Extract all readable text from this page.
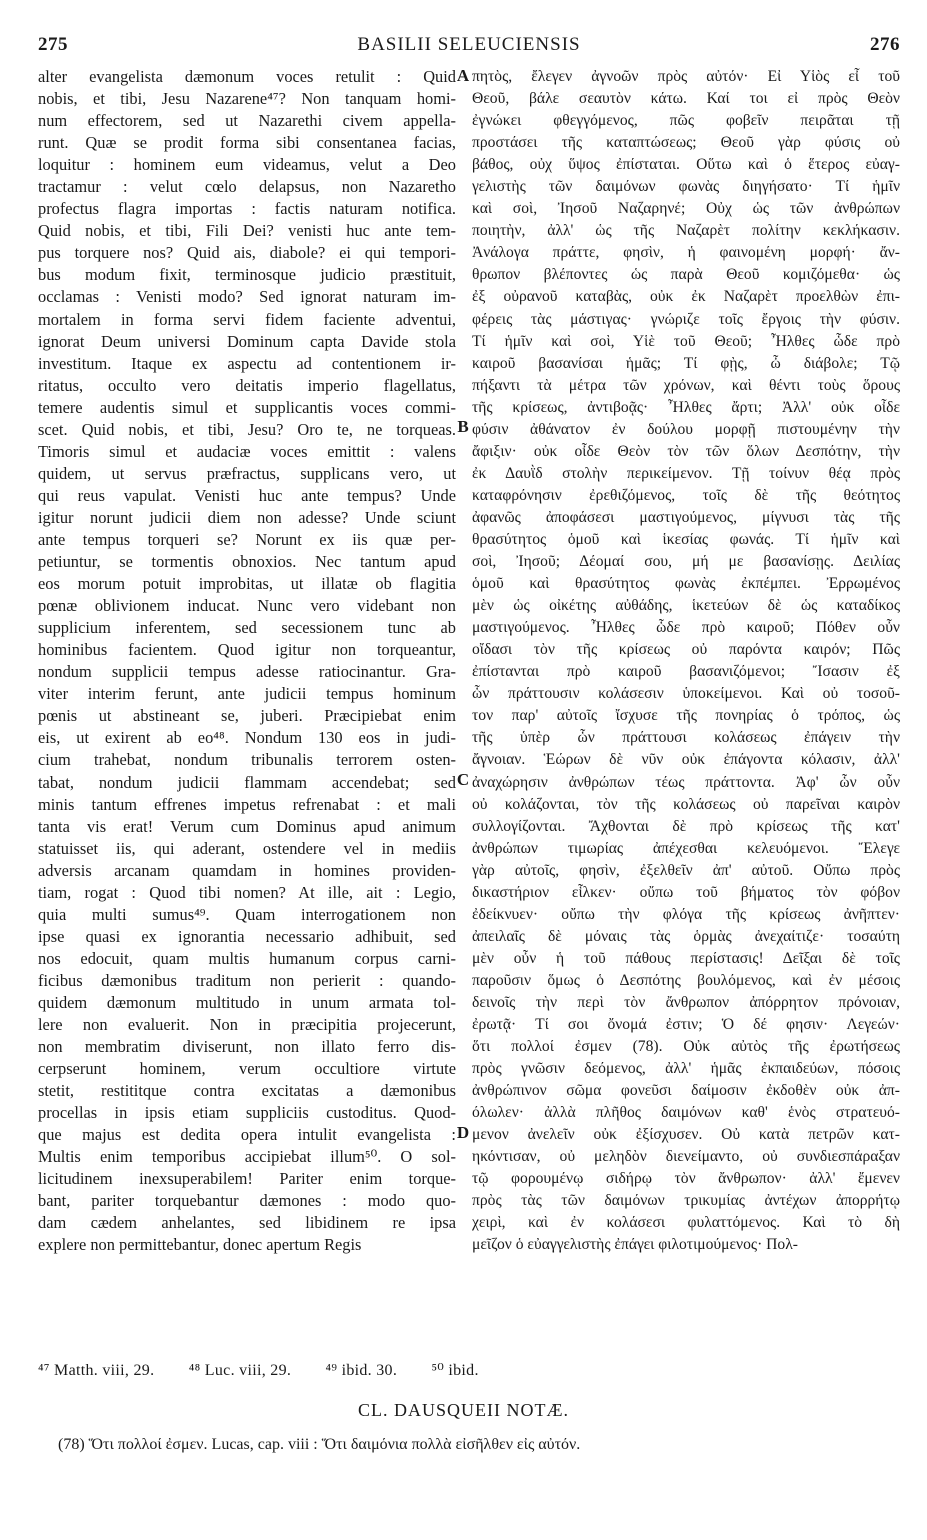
275	BASILII SELEUCIENSIS	276

alter evangelista dæmonum voces retulit : Quid

nobis, et tibi, Jesu Nazarene⁴⁷? Non tanquam homi-

num effectorem, sed ut Nazarethi civem appella-

runt. Quæ se prodit forma sibi consentanea facias,

loquitur : hominem eum videamus, velut a Deo

tractamur : velut cœlo delapsus, non Nazaretho

profectus flagra importas : factis naturam notifica.

Quid nobis, et tibi, Fili Dei? venisti huc ante tem-

pus torquere nos? Quid ais, diabole? ei qui tempori-

bus modum fixit, terminosque judicio præstituit,

occlamas : Venisti modo? Sed ignorat naturam im-

mortalem in forma servi fidem faciente adventui,

ignorat Deum universi Dominum capta Davide stola

investitum. Itaque ex aspectu ad contentionem ir-

ritatus, occulto vero deitatis imperio flagellatus,

temere audentis simul et supplicantis voces commi-

scet. Quid nobis, et tibi, Jesu? Oro te, ne torqueas.

Timoris simul et audaciæ voces emittit : valens

quidem, ut servus præfractus, supplicans vero, ut

qui reus vapulat. Venisti huc ante tempus? Unde

igitur norunt judicii diem non adesse? Unde sciunt

ante tempus torqueri se? Norunt ex iis quæ per-

petiuntur, se tormentis obnoxios. Nec tantum apud

eos morum potuit improbitas, ut illatæ ob flagitia

pœnæ oblivionem inducat. Nunc vero videbant non

supplicium inferentem, sed secessionem tunc ab

hominibus facientem. Quod igitur non torqueantur,

nondum supplicii tempus adesse ratiocinantur. Gra-

viter interim ferunt, ante judicii tempus hominum

pœnis ut abstineant se, juberi. Præcipiebat enim

eis, ut exirent ab eo⁴⁸. Nondum 130 eos in judi-

cium trahebat, nondum tribunalis terrorem osten-

tabat, nondum judicii flammam accendebat; sed

minis tantum effrenes impetus refrenabat : et mali

tanta vis erat! Verum cum Dominus apud animum

statuisset iis, qui aderant, ostendere vel in mediis

adversis arcanam quamdam in homines providen-

tiam, rogat : Quod tibi nomen? At ille, ait : Legio,

quia multi sumus⁴⁹. Quam interrogationem non

ipse quasi ex ignorantia necessario adhibuit, sed

nos edocuit, quam multis humanum corpus carni-

ficibus dæmonibus traditum non perierit : quando-

quidem dæmonum multitudo in unum armata tol-

lere non evaluerit. Non in præcipitia projecerunt,

non membratim diviserunt, non illato ferro dis-

cerpserunt hominem, verum occultiore virtute

stetit, restititque contra excitatas a dæmonibus

procellas in ipsis etiam suppliciis custoditus. Quod-

que majus est dedita opera intulit evangelista :

Multis enim temporibus accipiebat illum⁵⁰. O sol-

licitudinem inexsuperabilem! Pariter enim torque-

bant, pariter torquebantur dæmones : modo quo-

dam cædem anhelantes, sed libidinem re ipsa

explere non permittebantur, donec apertum Regis

A
B
C
D

πητὸς, ἔλεγεν ἀγνοῶν πρὸς αὐτόν· Εἰ Υἱὸς εἶ τοῦ

Θεοῦ, βάλε σεαυτὸν κάτω. Καί τοι εἰ πρὸς Θεὸν

ἐγνώκει φθεγγόμενος, πῶς φοβεῖν πειρᾶται τῇ

προστάσει τῆς καταπτώσεως; Θεοῦ γὰρ φύσις οὐ

βάθος, οὐχ ὕψος ἐπίσταται. Οὕτω καὶ ὁ ἕτερος εὐαγ-

γελιστὴς τῶν δαιμόνων φωνὰς διηγήσατο· Τί ἡμῖν

καὶ σοὶ, Ἰησοῦ Ναζαρηνέ; Οὐχ ὡς τῶν ἀνθρώπων

ποιητὴν, ἀλλ' ὡς τῆς Ναζαρὲτ πολίτην κεκλήκασιν.

Ἀνάλογα πράττε, φησὶν, ἡ φαινομένη μορφή· ἄν-

θρωπον βλέποντες ὡς παρὰ Θεοῦ κομιζόμεθα· ὡς

ἐξ οὐρανοῦ καταβὰς, οὐκ ἐκ Ναζαρὲτ προελθὼν ἐπι-

φέρεις τὰς μάστιγας· γνώριζε τοῖς ἔργοις τὴν φύσιν.

Τί ἡμῖν καὶ σοὶ, Υἱὲ τοῦ Θεοῦ; Ἦλθες ὧδε πρὸ

καιροῦ βασανίσαι ἡμᾶς; Τί φῂς, ὦ διάβολε; Τῷ

πήξαντι τὰ μέτρα τῶν χρόνων, καὶ θέντι τοὺς ὅρους

τῆς κρίσεως, ἀντιβοᾷς· Ἦλθες ἄρτι; Ἀλλ' οὐκ οἶδε

φύσιν ἀθάνατον ἐν δούλου μορφῇ πιστουμένην τὴν

ἄφιξιν· οὐκ οἶδε Θεὸν τὸν τῶν ὅλων Δεσπότην, τὴν

ἐκ Δαυῒδ στολὴν περικείμενον. Τῇ τοίνυν θέᾳ πρὸς

καταφρόνησιν ἐρεθιζόμενος, τοῖς δὲ τῆς θεότητος

ἀφανῶς ἀποφάσεσι μαστιγούμενος, μίγνυσι τὰς τῆς

θρασύτητος ὁμοῦ καὶ ἱκεσίας φωνάς. Τί ἡμῖν καὶ

σοὶ, Ἰησοῦ; Δέομαί σου, μή με βασανίσῃς. Δειλίας

ὁμοῦ καὶ θρασύτητος φωνὰς ἐκπέμπει. Ἐρρωμένος

μὲν ὡς οἰκέτης αὐθάδης, ἱκετεύων δὲ ὡς καταδίκος

μαστιγούμενος. Ἦλθες ὧδε πρὸ καιροῦ; Πόθεν οὖν

οἴδασι τὸν τῆς κρίσεως οὐ παρόντα καιρόν; Πῶς

ἐπίστανται πρὸ καιροῦ βασανιζόμενοι; Ἴσασιν ἐξ

ὧν πράττουσιν κολάσεσιν ὑποκείμενοι. Καὶ οὐ τοσοῦ-

τον παρ' αὐτοῖς ἴσχυσε τῆς πονηρίας ὁ τρόπος, ὡς

τῆς ὑπὲρ ὧν πράττουσι κολάσεως ἐπάγειν τὴν

ἄγνοιαν. Ἑώρων δὲ νῦν οὐκ ἐπάγοντα κόλασιν, ἀλλ'

ἀναχώρησιν ἀνθρώπων τέως πράττοντα. Ἀφ' ὧν οὖν

οὐ κολάζονται, τὸν τῆς κολάσεως οὐ παρεῖναι καιρὸν

συλλογίζονται. Ἄχθονται δὲ πρὸ κρίσεως τῆς κατ'

ἀνθρώπων τιμωρίας ἀπέχεσθαι κελευόμενοι. Ἔλεγε

γὰρ αὐτοῖς, φησὶν, ἐξελθεῖν ἀπ' αὐτοῦ. Οὔπω πρὸς

δικαστήριον εἷλκεν· οὔπω τοῦ βήματος τὸν φόβον

ἐδείκνυεν· οὔπω τὴν φλόγα τῆς κρίσεως ἀνῆπτεν·

ἀπειλαῖς δὲ μόναις τὰς ὁρμὰς ἀνεχαίτιζε· τοσαύτη

μὲν οὖν ἡ τοῦ πάθους περίστασις! Δεῖξαι δὲ τοῖς

παροῦσιν ὅμως ὁ Δεσπότης βουλόμενος, καὶ ἐν μέσοις

δεινοῖς τὴν περὶ τὸν ἄνθρωπον ἀπόρρητον πρόνοιαν,

ἐρωτᾷ· Τί σοι ὄνομά ἐστιν; Ὁ δέ φησιν· Λεγεών·

ὅτι πολλοί ἐσμεν (78). Οὐκ αὐτὸς τῆς ἐρωτήσεως

πρὸς γνῶσιν δεόμενος, ἀλλ' ἡμᾶς ἐκπαιδεύων, πόσοις

ἀνθρώπινον σῶμα φονεῦσι δαίμοσιν ἐκδοθὲν οὐκ ἀπ-

όλωλεν· ἀλλὰ πλῆθος δαιμόνων καθ' ἑνὸς στρατευό-

μενον ἀνελεῖν οὐκ ἐξίσχυσεν. Οὐ κατὰ πετρῶν κατ-

ηκόντισαν, οὐ μεληδὸν διενείμαντο, οὐ συνδιεσπάραξαν

τῷ φορουμένῳ σιδήρῳ τὸν ἄνθρωπον· ἀλλ' ἔμενεν

πρὸς τὰς τῶν δαιμόνων τρικυμίας ἀντέχων ἀπορρήτῳ

χειρὶ, καὶ ἐν κολάσεσι φυλαττόμενος. Καὶ τὸ δὴ

μεῖζον ὁ εὐαγγελιστὴς ἐπάγει φιλοτιμούμενος· Πολ-

⁴⁷ Matth. viii, 29. ⁴⁸ Luc. viii, 29. ⁴⁹ ibid. 30. ⁵⁰ ibid.
CL. DAUSQUEII NOTÆ.
(78) Ὅτι πολλοί ἐσμεν. Lucas, cap. viii : Ὅτι δαιμόνια πολλὰ εἰσῆλθεν εἰς αὐτόν.
